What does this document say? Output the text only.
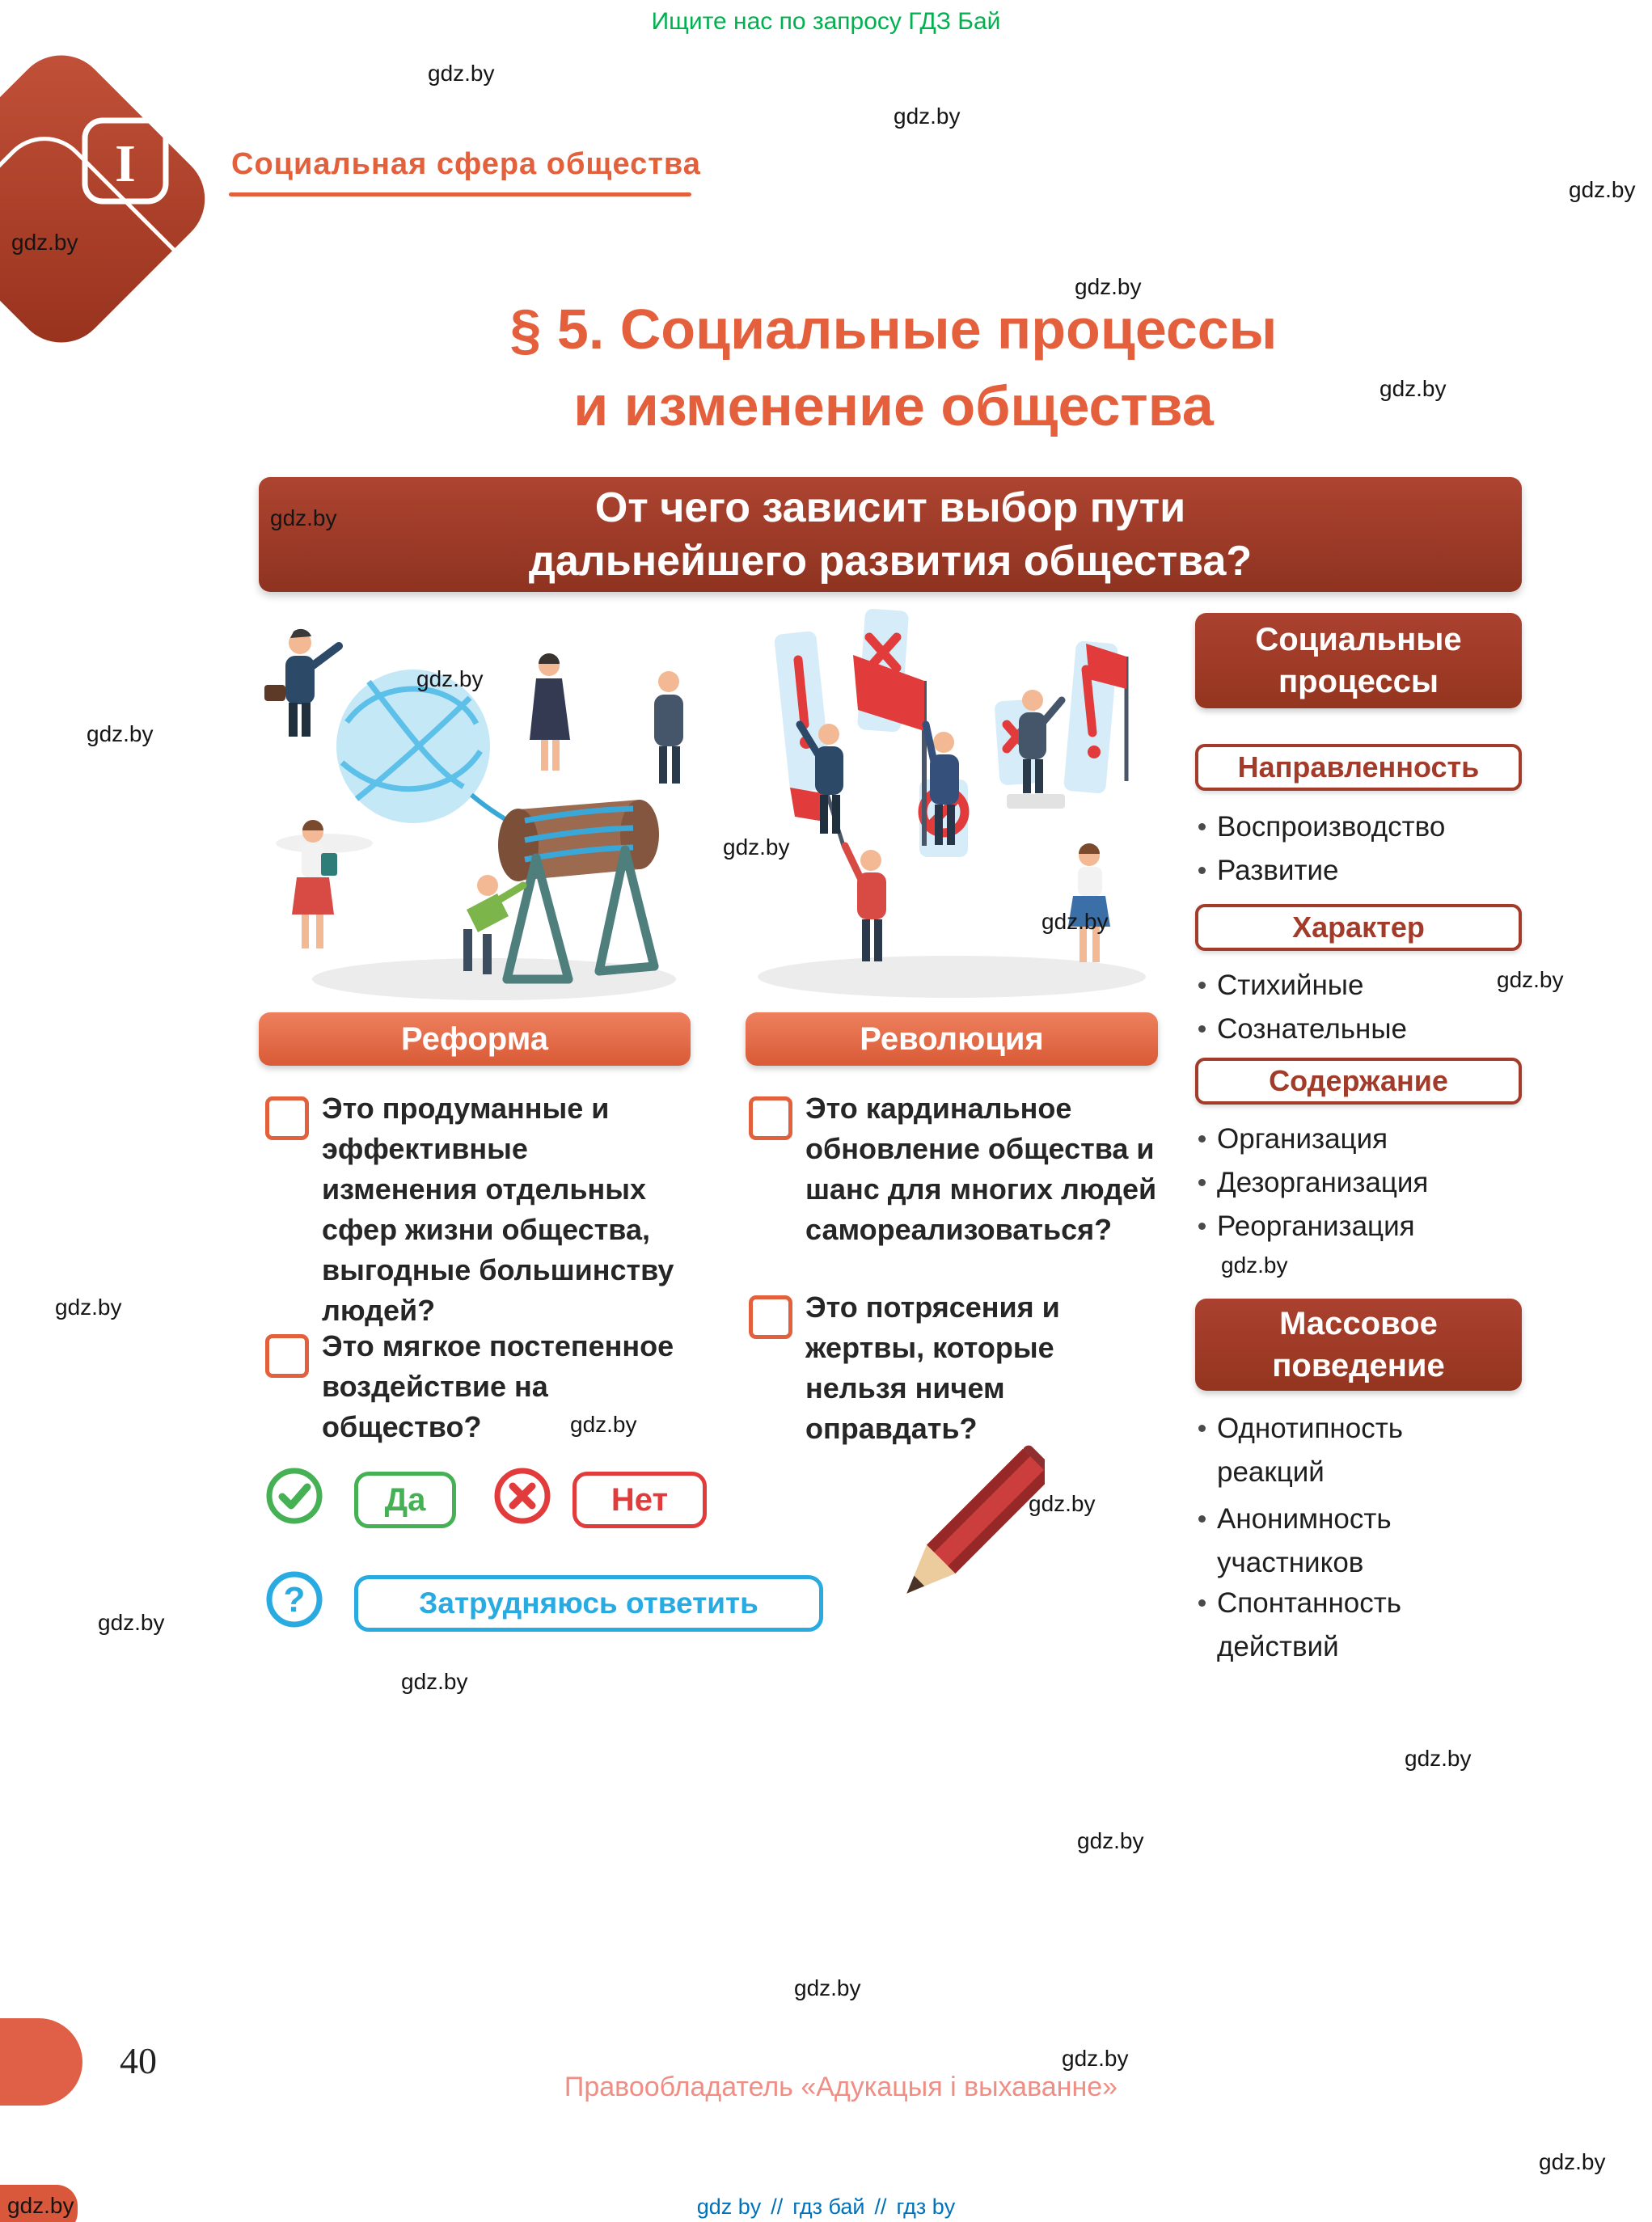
Ищите нас по запросу ГДЗ Бай
I	Социальная сфера общества
§ 5. Социальные процессы
и изменение общества
От чего зависит выбор пути
дальнейшего развития общества?
Реформа	Революция
Это продуманные и эффективные изменения отдельных сфер жизни общества, выгодные большинству людей?
Это мягкое постепенное воздействие на общество?
Это кардинальное обновление общества и шанс для многих людей самореализоваться?
Это потрясения и жертвы, которые нельзя ничем оправдать?
Да	Нет
?	Затрудняюсь ответить
Социальные процессы
Направленность
Воспроизводство
Развитие
Характер
Стихийные
Сознательные
Содержание
Организация
Дезорганизация
Реорганизация
Массовое поведение
Однотипность реакций
Анонимность участников
Спонтанность действий
40
Правообладатель «Адукацыя і выхаванне»
gdz by // гдз бай // гдз by
gdz.by
gdz.by
gdz.by
gdz.by
gdz.by
gdz.by
gdz.by
gdz.by
gdz.by
gdz.by
gdz.by
gdz.by
gdz.by
gdz.by
gdz.by
gdz.by
gdz.by
gdz.by
gdz.by
gdz.by
gdz.by
gdz.by
gdz.by
gdz.by
